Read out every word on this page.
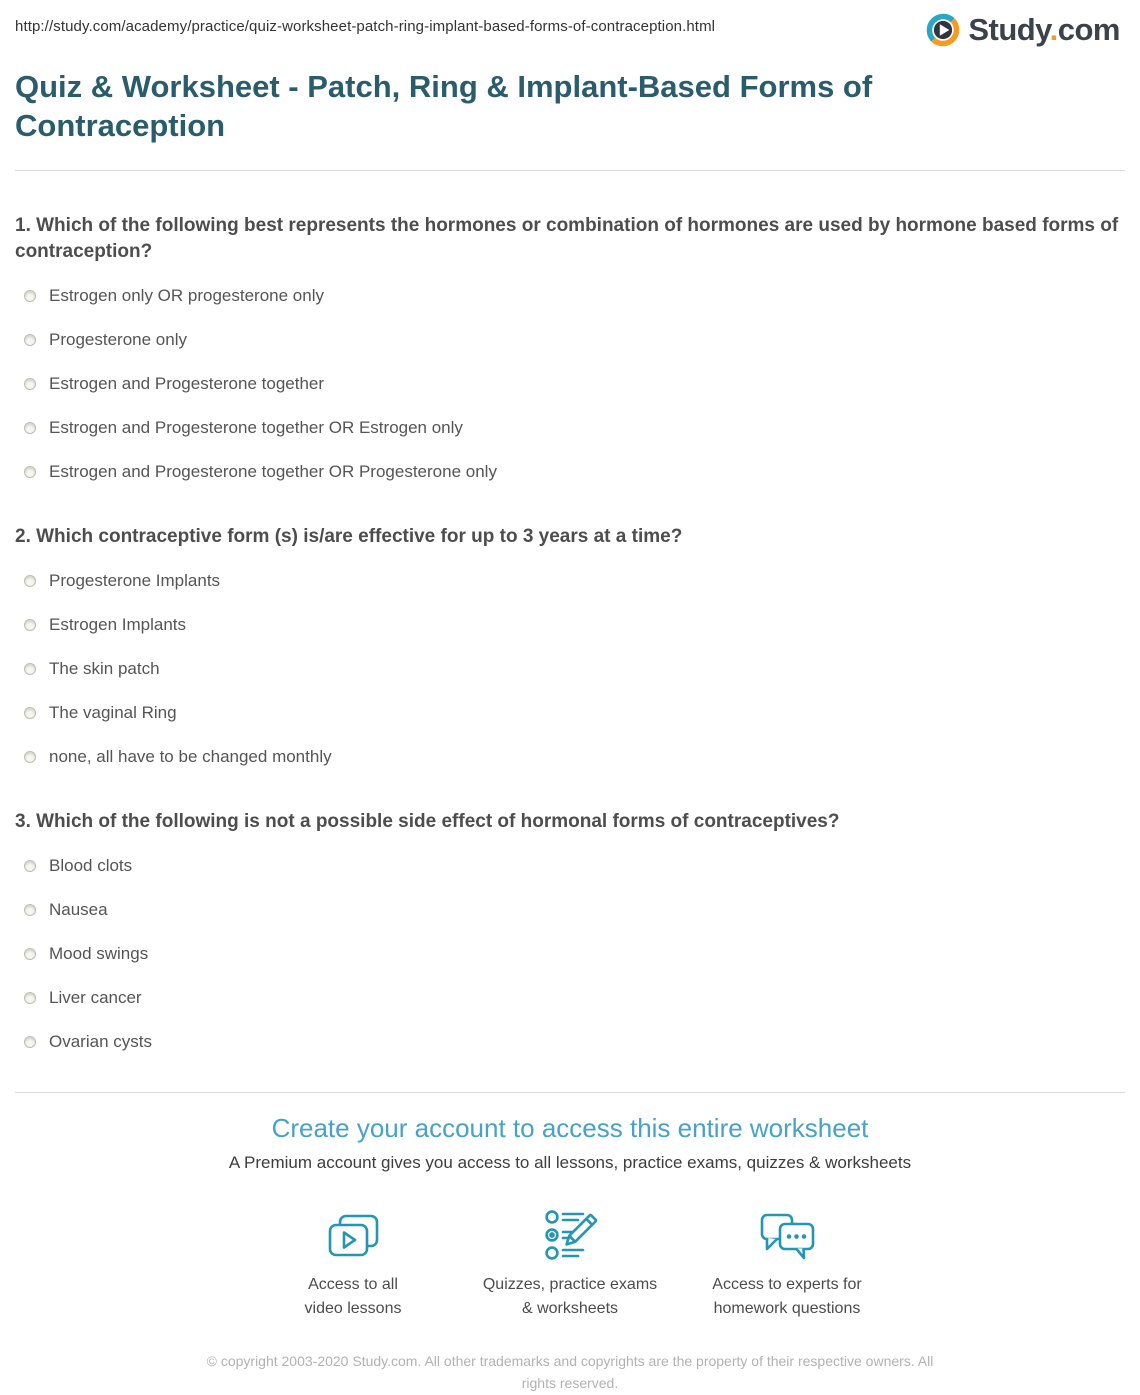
http://study.com/academy/practice/quiz-worksheet-patch-ring-implant-based-forms-of-contraception.html	Study.com
Quiz & Worksheet - Patch, Ring & Implant-Based Forms of Contraception
1. Which of the following best represents the hormones or combination of hormones are used by hormone based forms of contraception?
Estrogen only OR progesterone only
Progesterone only
Estrogen and Progesterone together
Estrogen and Progesterone together OR Estrogen only
Estrogen and Progesterone together OR Progesterone only
2. Which contraceptive form (s) is/are effective for up to 3 years at a time?
Progesterone Implants
Estrogen Implants
The skin patch
The vaginal Ring
none, all have to be changed monthly
3. Which of the following is not a possible side effect of hormonal forms of contraceptives?
Blood clots
Nausea
Mood swings
Liver cancer
Ovarian cysts
Create your account to access this entire worksheet
A Premium account gives you access to all lessons, practice exams, quizzes & worksheets
Access to all
video lessons
Quizzes, practice exams
& worksheets
Access to experts for
homework questions
© copyright 2003-2020 Study.com. All other trademarks and copyrights are the property of their respective owners. All rights reserved.
